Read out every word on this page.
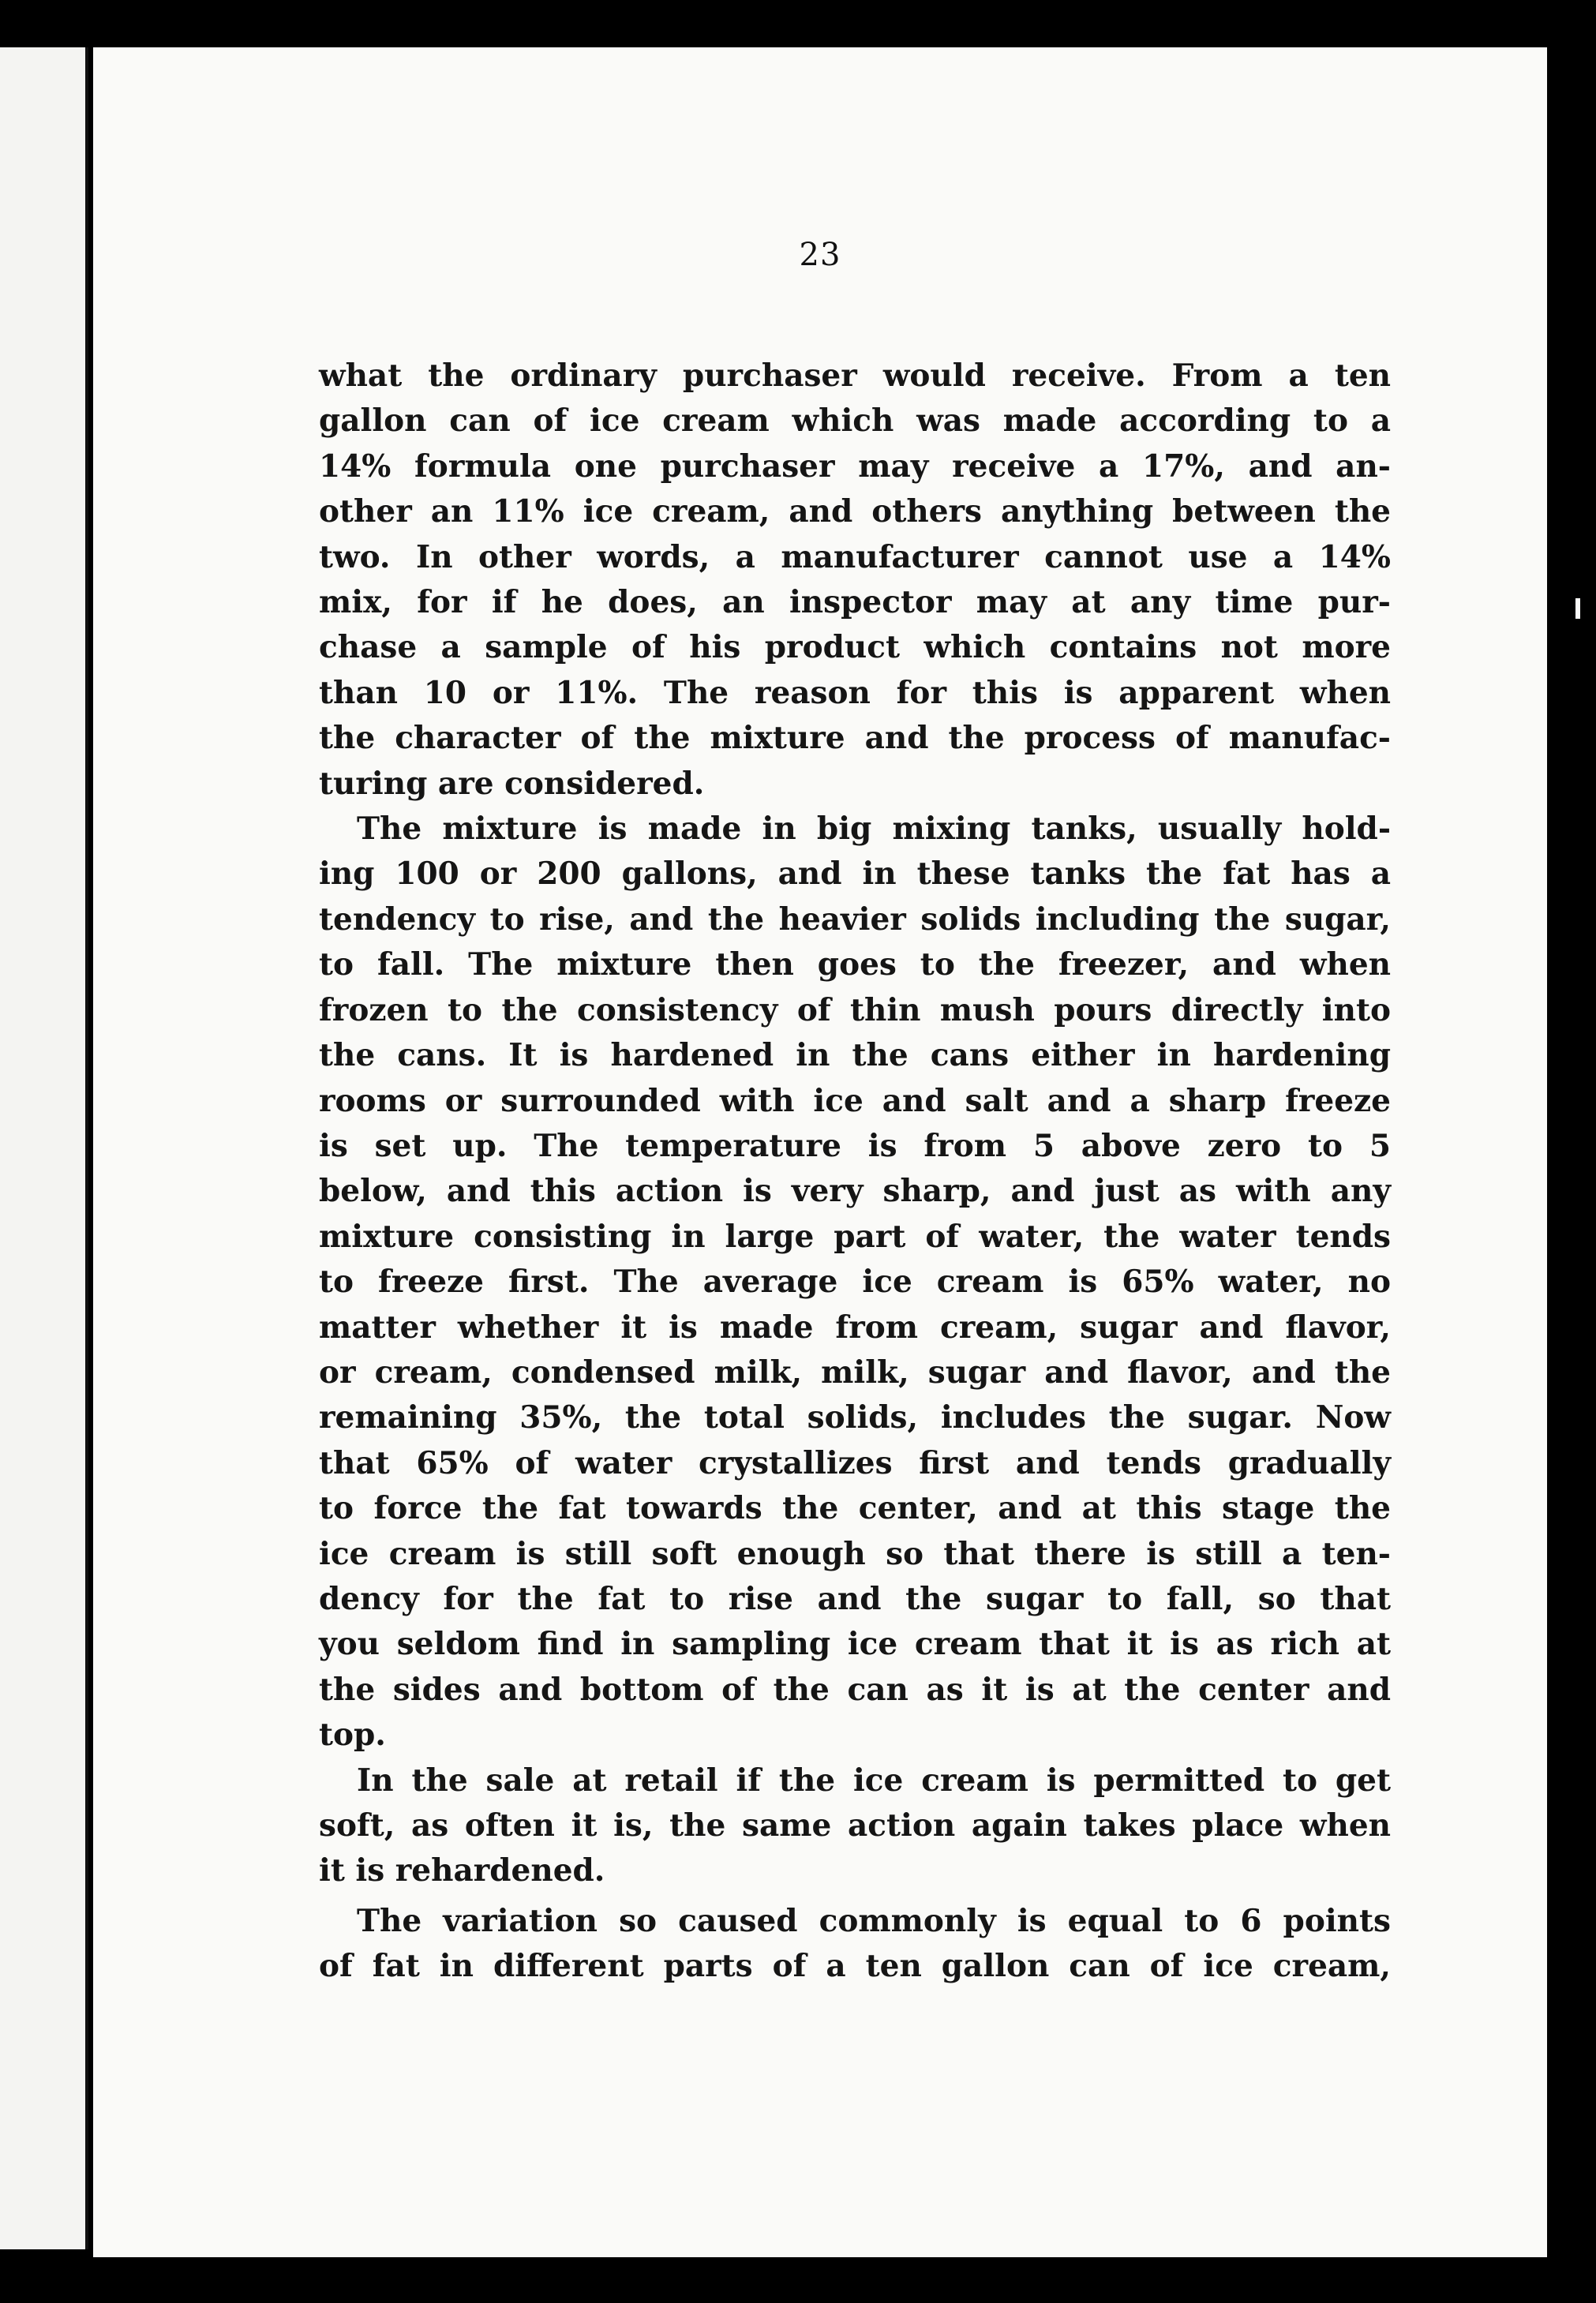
23
what the ordinary purchaser would receive. From a ten
gallon can of ice cream which was made according to a
14% formula one purchaser may receive a 17%, and an-
other an 11% ice cream, and others anything between the
two. In other words, a manufacturer cannot use a 14%
mix, for if he does, an inspector may at any time pur-
chase a sample of his product which contains not more
than 10 or 11%. The reason for this is apparent when
the character of the mixture and the process of manufac-
turing are considered.
The mixture is made in big mixing tanks, usually hold-
ing 100 or 200 gallons, and in these tanks the fat has a
tendency to rise, and the heavier solids including the sugar,
to fall. The mixture then goes to the freezer, and when
frozen to the consistency of thin mush pours directly into
the cans. It is hardened in the cans either in hardening
rooms or surrounded with ice and salt and a sharp freeze
is set up. The temperature is from 5 above zero to 5
below, and this action is very sharp, and just as with any
mixture consisting in large part of water, the water tends
to freeze first. The average ice cream is 65% water, no
matter whether it is made from cream, sugar and flavor,
or cream, condensed milk, milk, sugar and flavor, and the
remaining 35%, the total solids, includes the sugar. Now
that 65% of water crystallizes first and tends gradually
to force the fat towards the center, and at this stage the
ice cream is still soft enough so that there is still a ten-
dency for the fat to rise and the sugar to fall, so that
you seldom find in sampling ice cream that it is as rich at
the sides and bottom of the can as it is at the center and
top.
In the sale at retail if the ice cream is permitted to get
soft, as often it is, the same action again takes place when
it is rehardened.
The variation so caused commonly is equal to 6 points
of fat in different parts of a ten gallon can of ice cream,
